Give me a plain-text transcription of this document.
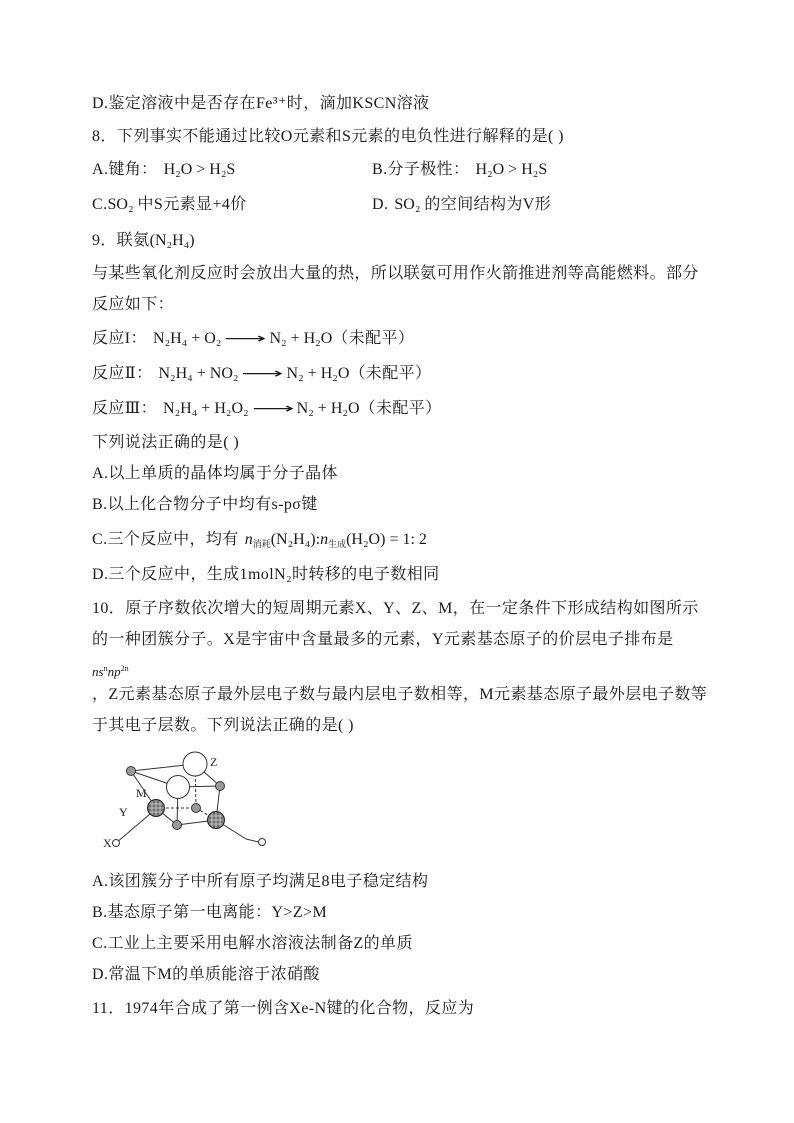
D.鉴定溶液中是否存在Fe³⁺时，滴加KSCN溶液
8．下列事实不能通过比较O元素和S元素的电负性进行解释的是( )
A.键角： H₂O > H₂S	B.分子极性： H₂O > H₂S
C.SO₂ 中S元素显+4价	D. SO₂ 的空间结构为V形
9．联氨(N₂H₄)
与某些氧化剂反应时会放出大量的热，所以联氨可用作火箭推进剂等高能燃料。部分
反应如下：
反应I： N₂H₄ + O₂ ⟶ N₂ + H₂O（未配平）
反应Ⅱ： N₂H₄ + NO₂ ⟶ N₂ + H₂O（未配平）
反应Ⅲ： N₂H₄ + H₂O₂ ⟶ N₂ + H₂O（未配平）
下列说法正确的是( )
A.以上单质的晶体均属于分子晶体
B.以上化合物分子中均有s-pσ键
C.三个反应中，均有 $n_{消耗}(N_2H_4):n_{生成}(H_2O) = 1$: 2
D.三个反应中，生成1molN₂时转移的电子数相同
10．原子序数依次增大的短周期元素X、Y、Z、M，在一定条件下形成结构如图所示
的一种团簇分子。X是宇宙中含量最多的元素，Y元素基态原子的价层电子排布是
$ns^nnp^{2n}$
，Z元素基态原子最外层电子数与最内层电子数相等，M元素基态原子最外层电子数等
于其电子层数。下列说法正确的是( )
Z
M
Y
X
A.该团簇分子中所有原子均满足8电子稳定结构
B.基态原子第一电离能：Y>Z>M
C.工业上主要采用电解水溶液法制备Z的单质
D.常温下M的单质能溶于浓硝酸
11．1974年合成了第一例含Xe-N键的化合物，反应为
